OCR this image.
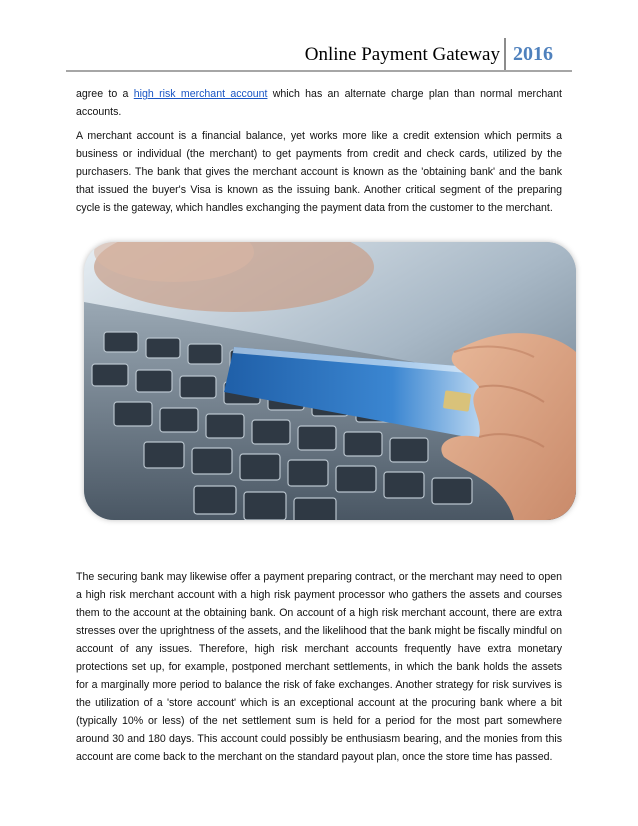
Online Payment Gateway 2016

agree to a high risk merchant account which has an alternate charge plan than normal merchant accounts.

A merchant account is a financial balance, yet works more like a credit extension which permits a business or individual (the merchant) to get payments from credit and check cards, utilized by the purchasers. The bank that gives the merchant account is known as the 'obtaining bank' and the bank that issued the buyer's Visa is known as the issuing bank. Another critical segment of the preparing cycle is the gateway, which handles exchanging the payment data from the customer to the merchant.

The securing bank may likewise offer a payment preparing contract, or the merchant may need to open a high risk merchant account with a high risk payment processor who gathers the assets and courses them to the account at the obtaining bank. On account of a high risk merchant account, there are extra stresses over the uprightness of the assets, and the likelihood that the bank might be fiscally mindful on account of any issues. Therefore, high risk merchant accounts frequently have extra monetary protections set up, for example, postponed merchant settlements, in which the bank holds the assets for a marginally more period to balance the risk of fake exchanges. Another strategy for risk survives is the utilization of a 'store account' which is an exceptional account at the procuring bank where a bit (typically 10% or less) of the net settlement sum is held for a period for the most part somewhere around 30 and 180 days. This account could possibly be enthusiasm bearing, and the monies from this account are come back to the merchant on the standard payout plan, once the store time has passed.
